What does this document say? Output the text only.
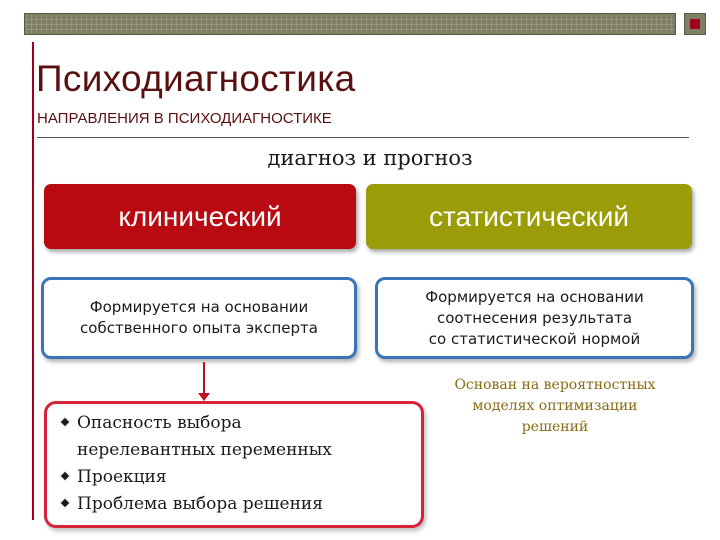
Психодиагностика
НАПРАВЛЕНИЯ В ПСИХОДИАГНОСТИКЕ
диагноз и прогноз
клинический	статистический
Формируется на основании
собственного опыта эксперта
Формируется на основании
соотнесения результата
со статистической нормой
Основан на вероятностных
моделях оптимизации
решений
Опасность выбора
нерелевантных переменных
Проекция
Проблема выбора решения
